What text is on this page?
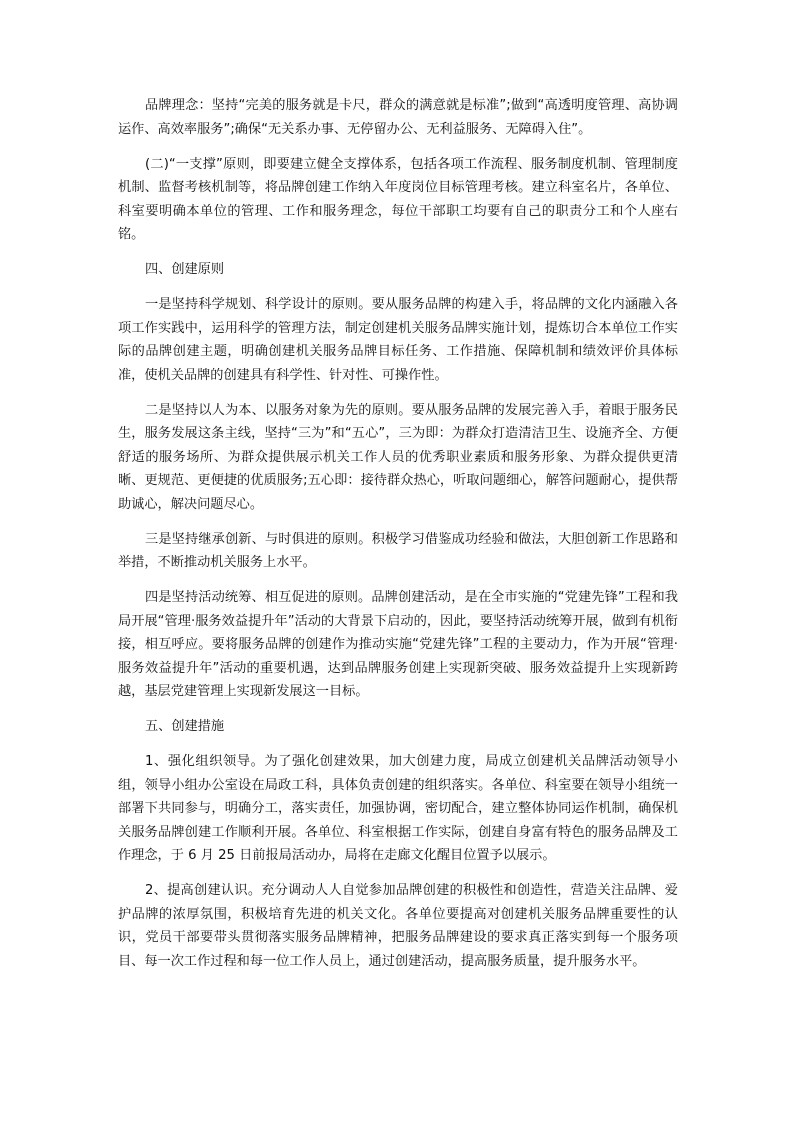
品牌理念：坚持“完美的服务就是卡尺，群众的满意就是标准”;做到“高透明度管理、高协调运作、高效率服务”;确保“无关系办事、无停留办公、无利益服务、无障碍入住”。

(二)“一支撑”原则，即要建立健全支撑体系，包括各项工作流程、服务制度机制、管理制度机制、监督考核机制等，将品牌创建工作纳入年度岗位目标管理考核。建立科室名片，各单位、科室要明确本单位的管理、工作和服务理念，每位干部职工均要有自己的职责分工和个人座右铭。

四、创建原则

一是坚持科学规划、科学设计的原则。要从服务品牌的构建入手，将品牌的文化内涵融入各项工作实践中，运用科学的管理方法，制定创建机关服务品牌实施计划，提炼切合本单位工作实际的品牌创建主题，明确创建机关服务品牌目标任务、工作措施、保障机制和绩效评价具体标准，使机关品牌的创建具有科学性、针对性、可操作性。

二是坚持以人为本、以服务对象为先的原则。要从服务品牌的发展完善入手，着眼于服务民生，服务发展这条主线，坚持“三为”和“五心”，三为即：为群众打造清洁卫生、设施齐全、方便舒适的服务场所、为群众提供展示机关工作人员的优秀职业素质和服务形象、为群众提供更清晰、更规范、更便捷的优质服务;五心即：接待群众热心，听取问题细心，解答问题耐心，提供帮助诚心，解决问题尽心。

三是坚持继承创新、与时俱进的原则。积极学习借鉴成功经验和做法，大胆创新工作思路和举措，不断推动机关服务上水平。

四是坚持活动统筹、相互促进的原则。品牌创建活动，是在全市实施的“党建先锋”工程和我局开展“管理·服务效益提升年”活动的大背景下启动的，因此，要坚持活动统筹开展，做到有机衔接，相互呼应。要将服务品牌的创建作为推动实施“党建先锋”工程的主要动力，作为开展“管理·服务效益提升年”活动的重要机遇，达到品牌服务创建上实现新突破、服务效益提升上实现新跨越，基层党建管理上实现新发展这一目标。

五、创建措施

1、强化组织领导。为了强化创建效果，加大创建力度，局成立创建机关品牌活动领导小组，领导小组办公室设在局政工科，具体负责创建的组织落实。各单位、科室要在领导小组统一部署下共同参与，明确分工，落实责任，加强协调，密切配合，建立整体协同运作机制，确保机关服务品牌创建工作顺利开展。各单位、科室根据工作实际，创建自身富有特色的服务品牌及工作理念，于 6 月 25 日前报局活动办，局将在走廊文化醒目位置予以展示。

2、提高创建认识。充分调动人人自觉参加品牌创建的积极性和创造性，营造关注品牌、爱护品牌的浓厚氛围，积极培育先进的机关文化。各单位要提高对创建机关服务品牌重要性的认识，党员干部要带头贯彻落实服务品牌精神，把服务品牌建设的要求真正落实到每一个服务项目、每一次工作过程和每一位工作人员上，通过创建活动，提高服务质量，提升服务水平。
